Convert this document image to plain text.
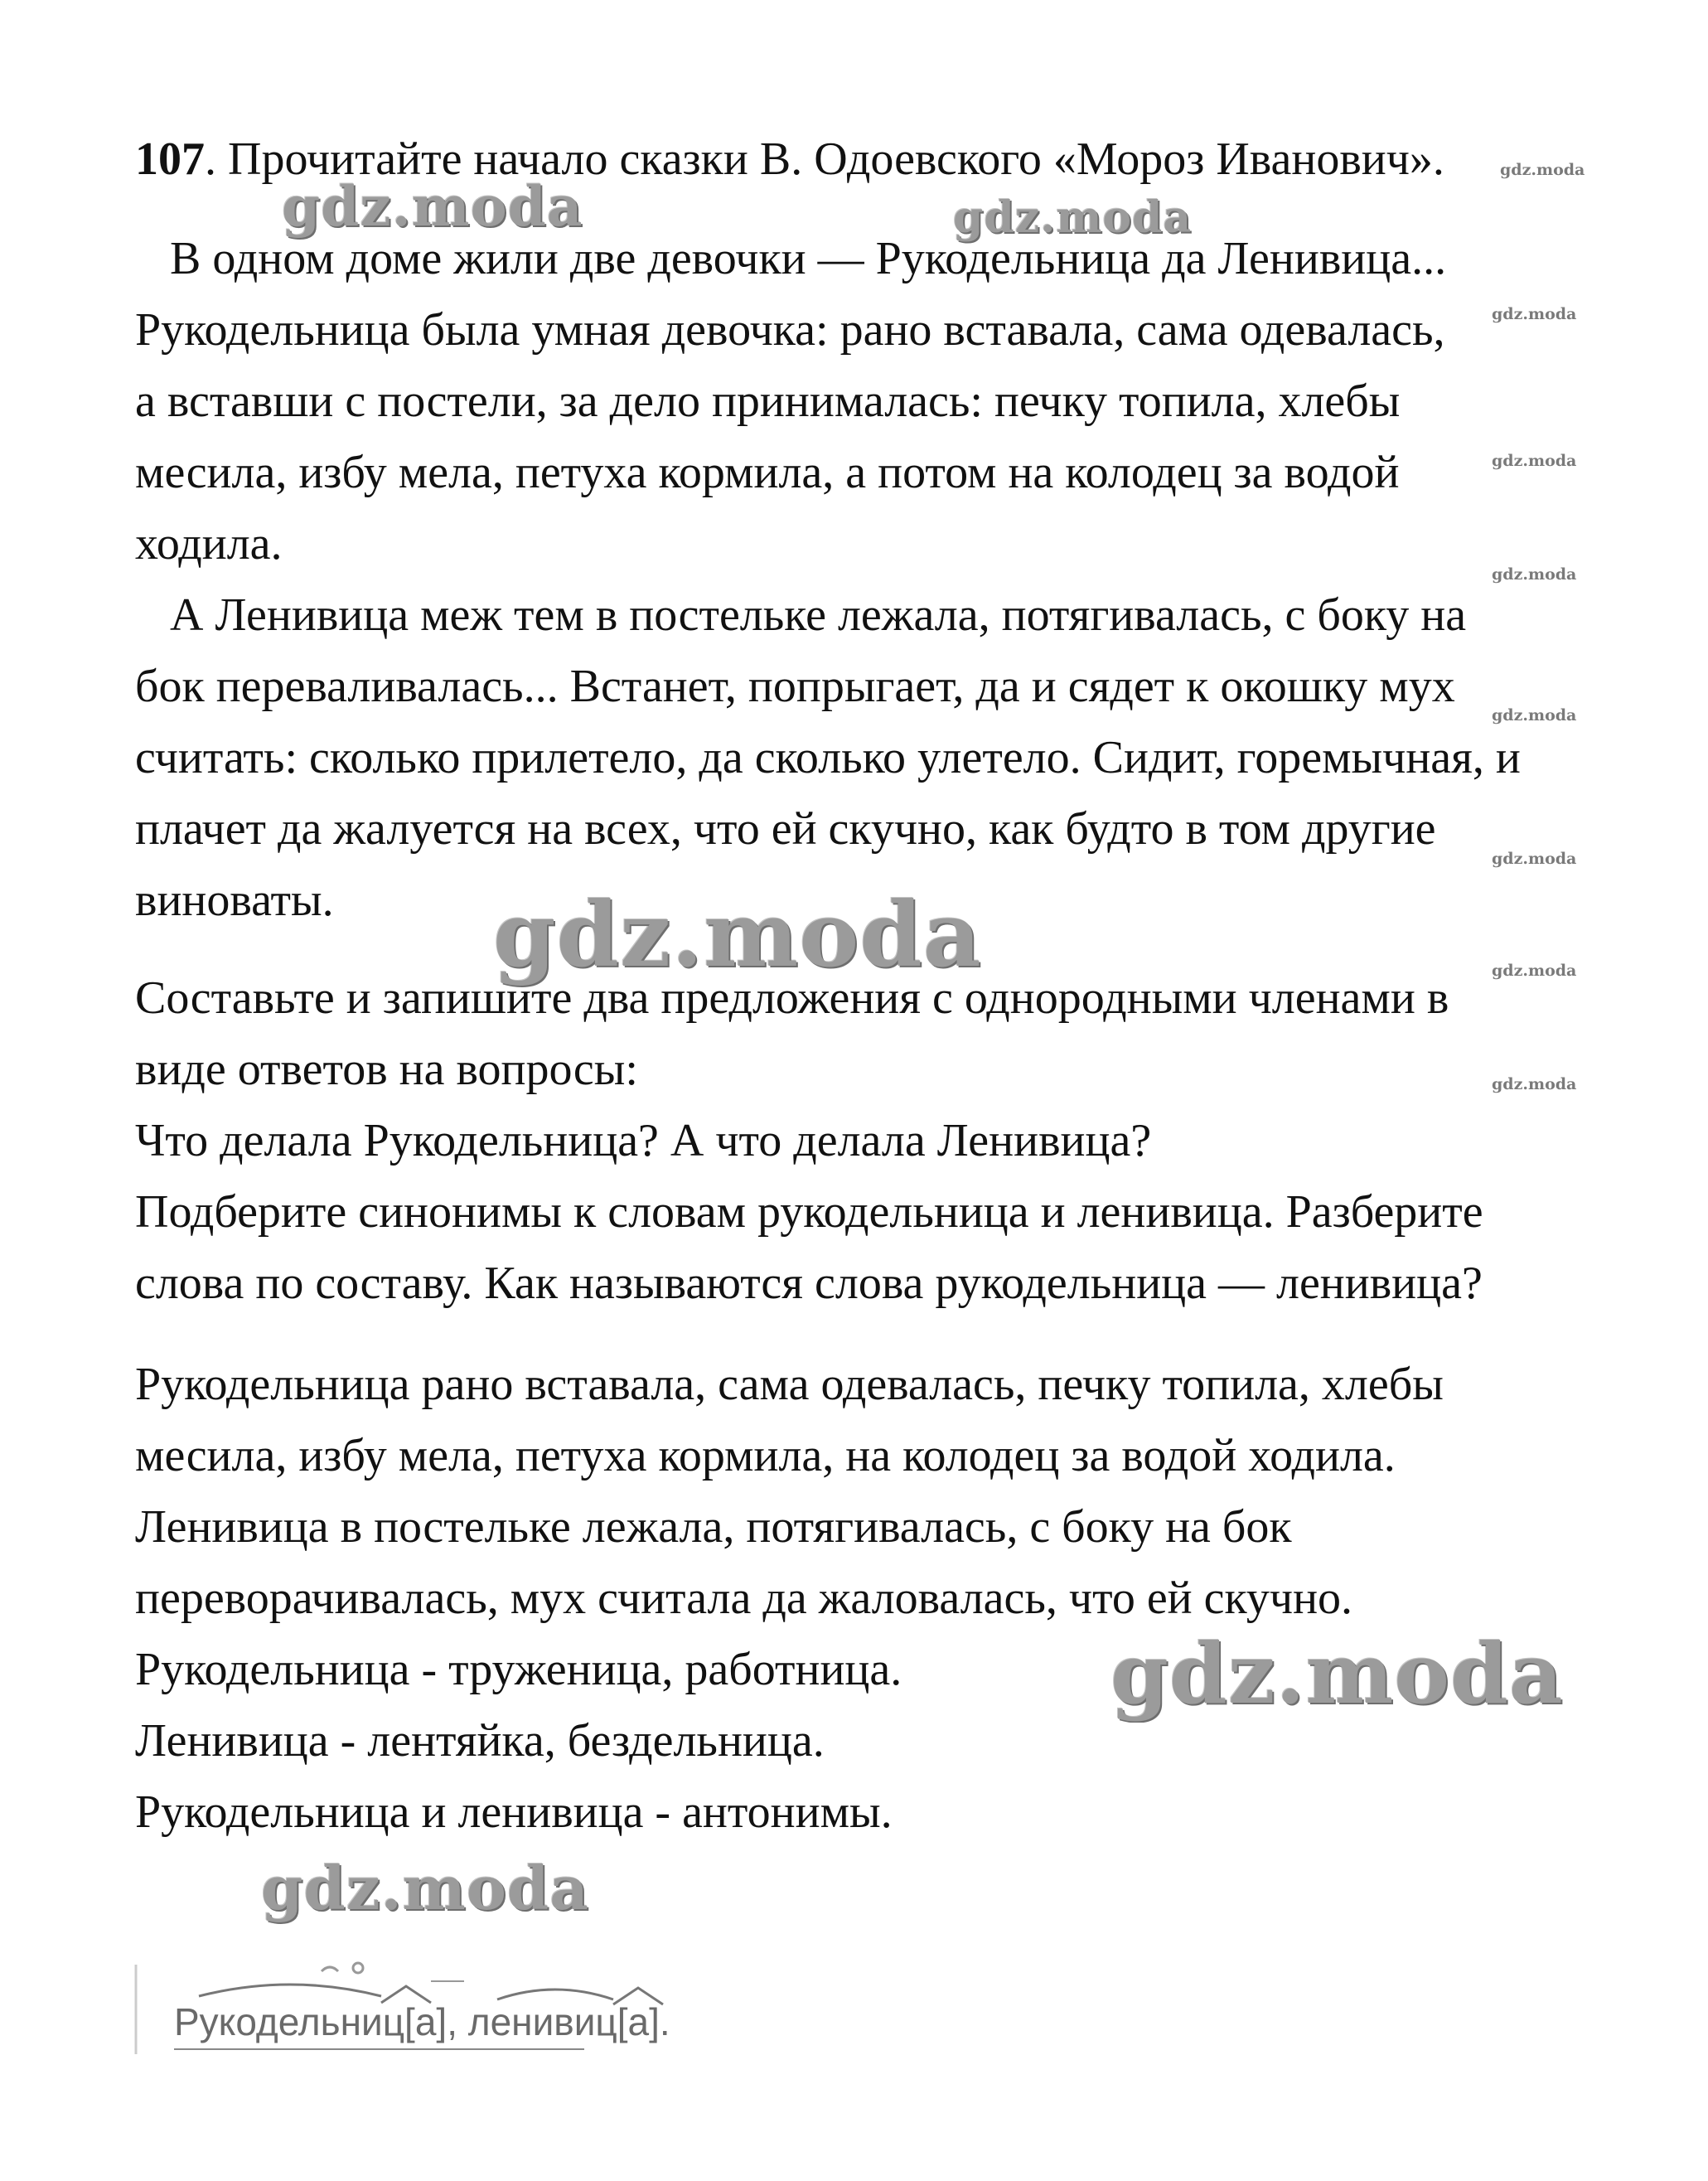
107. Прочитайте начало сказки В. Одоевского «Мороз Иванович».
В одном доме жили две девочки — Рукодельница да Ленивица...
Рукодельница была умная девочка: рано вставала, сама одевалась,
а вставши с постели, за дело принималась: печку топила, хлебы
месила, избу мела, петуха кормила, а потом на колодец за водой
ходила.
А Ленивица меж тем в постельке лежала, потягивалась, с боку на
бок переваливалась... Встанет, попрыгает, да и сядет к окошку мух
считать: сколько прилетело, да сколько улетело. Сидит, горемычная, и
плачет да жалуется на всех, что ей скучно, как будто в том другие
виноваты.
Составьте и запишите два предложения с однородными членами в
виде ответов на вопросы:
Что делала Рукодельница? А что делала Ленивица?
Подберите синонимы к словам рукодельница и ленивица. Разберите
слова по составу. Как называются слова рукодельница — ленивица?
Рукодельница рано вставала, сама одевалась, печку топила, хлебы
месила, избу мела, петуха кормила, на колодец за водой ходила.
Ленивица в постельке лежала, потягивалась, с боку на бок
переворачивалась, мух считала да жаловалась, что ей скучно.
Рукодельница - труженица, работница.
Ленивица - лентяйка, бездельница.
Рукодельница и ленивица - антонимы.
Рукодельниц[а], ленивиц[а].
gdz.moda	gdz.moda
gdz.moda
gdz.moda
gdz.moda
gdz.moda
gdz.moda
gdz.moda
gdz.moda
gdz.moda
gdz.moda
gdz.moda
gdz.moda
